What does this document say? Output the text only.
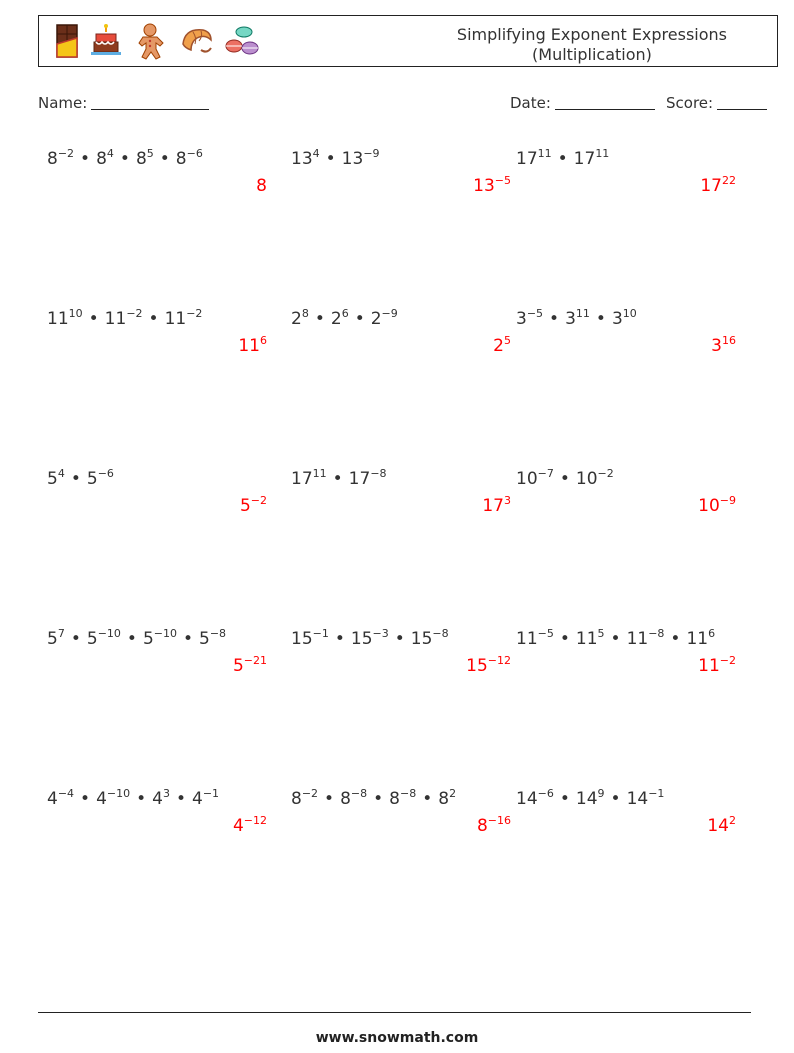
Simplifying Exponent Expressions
(Multiplication)
Name:	Date:	Score:
$8^{-2}$ • $8^4$ • $8^5$ • $8^{-6}$
8
$13^4$ • $13^{-9}$
$13^{-5}$
$17^{11}$ • $17^{11}$
$17^{22}$
$11^{10}$ • $11^{-2}$ • $11^{-2}$
$11^6$
$2^8$ • $2^6$ • $2^{-9}$
$2^5$
$3^{-5}$ • $3^{11}$ • $3^{10}$
$3^{16}$
$5^4$ • $5^{-6}$
$5^{-2}$
$17^{11}$ • $17^{-8}$
$17^3$
$10^{-7}$ • $10^{-2}$
$10^{-9}$
$5^7$ • $5^{-10}$ • $5^{-10}$ • $5^{-8}$
$5^{-21}$
$15^{-1}$ • $15^{-3}$ • $15^{-8}$
$15^{-12}$
$11^{-5}$ • $11^5$ • $11^{-8}$ • $11^6$
$11^{-2}$
$4^{-4}$ • $4^{-10}$ • $4^3$ • $4^{-1}$
$4^{-12}$
$8^{-2}$ • $8^{-8}$ • $8^{-8}$ • $8^2$
$8^{-16}$
$14^{-6}$ • $14^9$ • $14^{-1}$
$14^2$
www.snowmath.com
